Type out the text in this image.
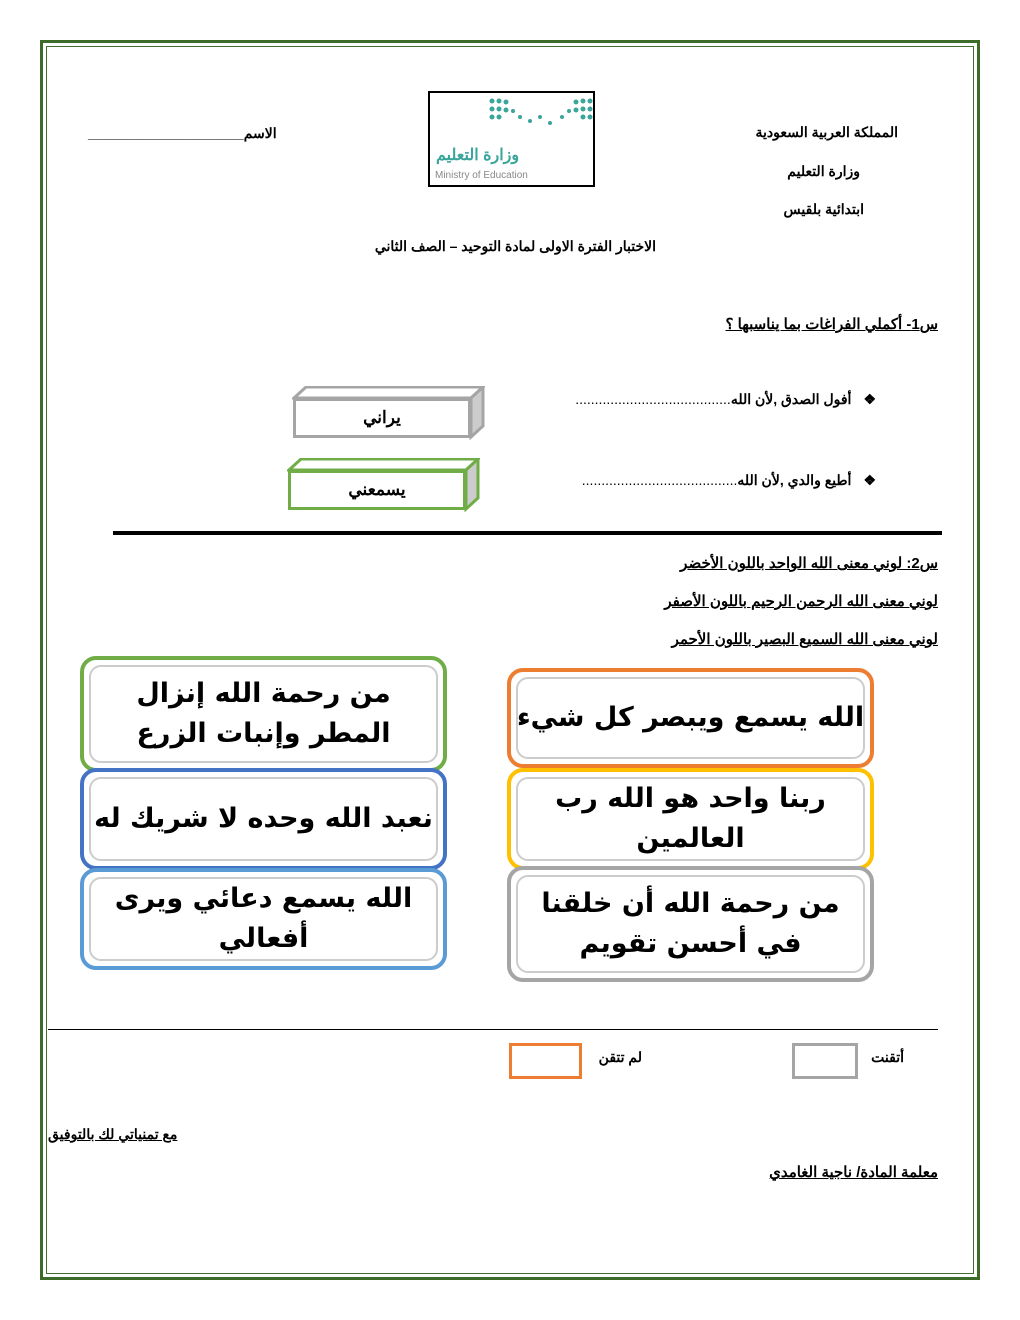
المملكة العربية السعودية
وزارة التعليم
ابتدائية بلقيس
____________________الاسم
وزارة التعليم
Ministry of Education
الاختبار الفترة الاولى لمادة التوحيد – الصف الثاني
س1- أكملي الفراغات بما يناسبها ؟
❖أفول الصدق ,لأن الله........................................
❖أطيع والدي ,لأن الله........................................
يراني
يسمعني
س2: لوني معنى الله الواحد باللون الأخضر
لوني معنى الله الرحمن الرحيم باللون الأصفر
لوني معنى الله السميع البصير باللون الأحمر
من رحمة الله إنزال المطر وإنبات الزرع
الله يسمع ويبصر كل شيء
نعبد الله وحده لا شريك له
ربنا واحد هو الله رب العالمين
الله يسمع دعائي ويرى أفعالي
من رحمة الله أن خلقنا في أحسن تقويم
أتقنت
لم تتقن
مع تمنياتي لك بالتوفيق
معلمة المادة/ ناجية الغامدي
